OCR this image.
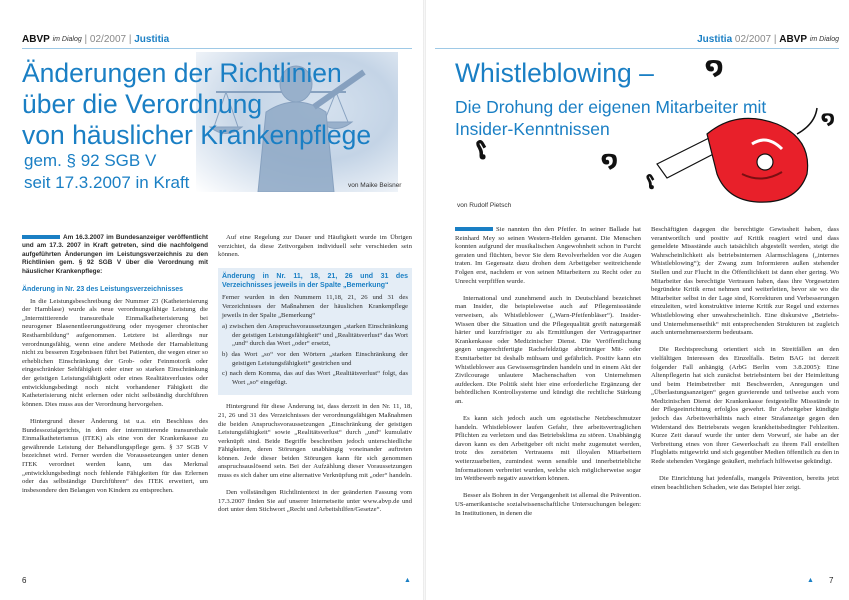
ABVP $^{im Dialog}$ | 02/2007 | Justitia
Änderungen der Richtlinien
über die Verordnung
von häuslicher Krankenpflege
gem. § 92 SGB V
seit 17.3.2007 in Kraft	von Maike Beisner

Am 16.3.2007 im Bundesanzeiger veröffentlicht und am 17.3. 2007 in Kraft getreten, sind die nachfolgend aufgeführten Änderungen im Leistungsverzeichnis zu den Richtlinien gem. § 92 SGB V über die Verordnung mit häuslicher Krankenpflege:

Änderung in Nr. 23 des Leistungsverzeichnisses

In die Leistungsbeschreibung der Nummer 23 (Katheterisierung der Harnblase) wurde als neue verordnungsfähige Leistung die „Intermittierende transurethale Einmalkatheterisierung bei neurogener Blasenentleerungsstörung oder myogener chronischer Restharnbildung“ aufgenommen. Letztere ist allerdings nur verordnungsfähig, wenn eine andere Methode der Harnableitung nicht zu besseren Ergebnissen führt bei Patienten, die wegen einer so erheblichen Einschränkung der Grob- oder Feinmotorik oder eingeschränkter Sehfähigkeit oder einer so starken Einschränkung der geistigen Leistungsfähigkeit oder eines Realitätsverlustes oder entwicklungsbedingt noch nicht vorhandener Fähigkeit die Katheterisierung nicht erlernen oder nicht selbständig durchführen können. Dies muss aus der Verordnung hervorgehen.

Hintergrund dieser Änderung ist u.a. ein Beschluss des Bundessozialgerichts, in dem der intermittierende transurethale Einmalkatheterismus (ITEK) als eine von der Krankenkasse zu gewährende Leistung der Behandlungspflege gem. § 37 SGB V bezeichnet wird. Ferner werden die Voraussetzungen unter denen ITEK verordnet werden kann, um das Merkmal „entwicklungsbedingt noch fehlende Fähigkeiten für das Erlernen oder das selbständige Durchführen“ des ITEK erweitert, um insbesondere den Belangen von Kindern zu entsprechen.

Auf eine Regelung zur Dauer und Häufigkeit wurde im Übrigen verzichtet, da diese Zeitvorgaben individuell sehr verschieden sein können.

Änderung in Nr. 11, 18, 21, 26 und 31 des Verzeichnisses jeweils in der Spalte „Bemerkung“

Ferner wurden in den Nummern 11,18, 21, 26 und 31 des Verzeichnisses der Maßnahmen der häuslichen Krankenpflege jeweils in der Spalte „Bemerkung“

a) zwischen den Anspruchsvoraussetzungen „starken Einschränkung der geistigen Leistungsfähigkeit“ und „Realitätsverlust“ das Wort „und“ durch das Wort „oder“ ersetzt,
b) das Wort „so“ vor den Wörtern „starken Einschränkung der geistigen Leistungsfähigkeit“ gestrichen und
c) nach dem Komma, das auf das Wort „Realitätsverlust“ folgt, das Wort „so“ eingefügt.

Hintergrund für diese Änderung ist, dass derzeit in den Nr. 11, 18, 21, 26 und 31 des Verzeichnisses der verordnungsfähigen Maßnahmen die beiden Anspruchsvoraussetzungen „Einschränkung der geistigen Leistungsfähigkeit“ sowie „Realitätsverlust“ durch „und“ kumulativ verknüpft sind. Beide Begriffe beschreiben jedoch unterschiedliche Fähigkeiten, deren Störungen unabhängig voneinander auftreten können. Jede dieser beiden Störungen kann für sich genommen anspruchsauslösend sein. Bei der Aufzählung dieser Voraussetzungen muss es sich daher um eine alternative Verknüpfung mit „oder“ handeln.

Den vollständigen Richtlinientext in der geänderten Fassung vom 17.3.2007 finden Sie auf unserer Internetseite unter www.abvp.de und dort unter dem Stichwort „Recht und Arbeitshilfen/Gesetze“.

6	▲
Justitia 02/2007 | ABVP $^{im Dialog}$
໑
໑
ໂ	໑
ໂ
Whistleblowing –
Die Drohung der eigenen Mitarbeiter mit
Insider-Kenntnissen
von Rudolf Pietsch

Sie nannten ihn den Pfeifer. In seiner Ballade hat Reinhard Mey so seinen Western-Helden genannt. Die Menschen konnten aufgrund der musikalischen Angewohnheit schon in Furcht geraten und flüchten, bevor Sie dem Revolverhelden vor die Augen traten. Im Gegensatz dazu drohen dem Arbeitgeber weitreichende Folgen erst, nachdem er von seinen Mitarbeitern zu Recht oder zu Unrecht verpfiffen wurde.

International und zunehmend auch in Deutschland bezeichnet man Insider, die beispielsweise auch auf Pflegemissstände verweisen, als Whistleblower („Warn-Pfeifenbläser“). Insider-Wissen über die Situation und die Pflegequalität greift naturgemäß härter und kurzfristiger zu als Ermittlungen der Vertragspartner Krankenkasse oder Medizinischer Dienst. Die Veröffentlichung gegen ungerechtfertigte Rachefeldzüge abtrünniger Mit- oder Exmitarbeiter ist deshalb mühsam und gefährlich. Positiv kann ein Whistleblower aus Gewissensgründen handeln und in einem Akt der Zivilcourage unlautere Machenschaften von Unternehmen aufdecken. Die Politik sieht hier eine erforderliche Ergänzung der behördlichen Kontrollsysteme und kündigt die rechtliche Stärkung an.

Es kann sich jedoch auch um egoistische Netzbeschmutzer handeln. Whistleblower laufen Gefahr, ihre arbeitsvertraglichen Pflichten zu verletzen und das Betriebsklima zu stören. Unabhängig davon kann es den Arbeitgeber oft nicht mehr zugemutet werden, trotz des zerstörten Vertrauens mit illoyalen Mitarbeitern weiterzuarbeiten, zumindest wenn sensible und innerbetriebliche Informationen verbreitet wurden, welche sich möglicherweise sogar im Wettbewerb negativ auswirken können.

Besser als Bohren in der Vergangenheit ist allemal die Prävention. US-amerikanische sozialwissenschaftliche Untersuchungen belegen: In Institutionen, in denen die

Beschäftigten dagegen die berechtigte Gewissheit haben, dass verantwortlich und positiv auf Kritik reagiert wird und dass gemeldete Missstände auch tatsächlich abgestellt werden, steigt die Wahrscheinlichkeit als betriebsinternen Alarmschlagens („internes Whistleblowing“); der Zwang zum Informieren außen stehender Stellen und zur Flucht in die Öffentlichkeit ist dann eher gering. Wo Mitarbeiter das berechtigte Vertrauen haben, dass ihre Vorgesetzten begründete Kritik ernst nehmen und weiterleiten, bevor sie wo die Mitarbeiter selbst in der Lage sind, Korrekturen und Verbesserungen einzuleiten, wird konstruktive interne Kritik zur Regel und externes Whistleblowing eher unwahrscheinlich. Eine diskursive „Betriebs- und Unternehmensethik“ mit entsprechenden Strukturen ist zugleich auch unternehmensexterm bedeutsam.

Die Rechtsprechung orientiert sich in Streitfällen an den vielfältigen Interessen des Einzelfalls. Beim BAG ist derzeit folgender Fall anhängig (ArbG Berlin vom 3.8.2005): Eine Altenpflegerin hat sich zunächst betriebsintern bei der Heimleitung und beim Heimbetreiber mit Beschwerden, Anregungen und „Überlastungsanzeigen“ gegen gravierende und teilweise auch vom Medizinischen Dienst der Krankenkasse festgestellte Missstände in der Pflegeeinrichtung erfolglos gewehrt. Ihr Arbeitgeber kündigte jedoch das Arbeitsverhältnis nach einer Strafanzeige gegen den Widerstand des Betriebsrats wegen krankheitsbedingter Fehlzeiten. Kurze Zeit darauf wurde ihr unter dem Vorwurf, sie habe an der Verbreitung eines von ihrer Gewerkschaft zu ihrem Fall erstellten Flugblatts mitgewirkt und sich gegenüber Medien öffentlich zu den in Rede stehenden Vorgänge geäußert, mehrfach hilfsweise gekündigt.

Die Einrichtung hat jedenfalls, mangels Prävention, bereits jetzt einen beachtlichen Schaden, wie das Beispiel hier zeigt.

▲ 7
